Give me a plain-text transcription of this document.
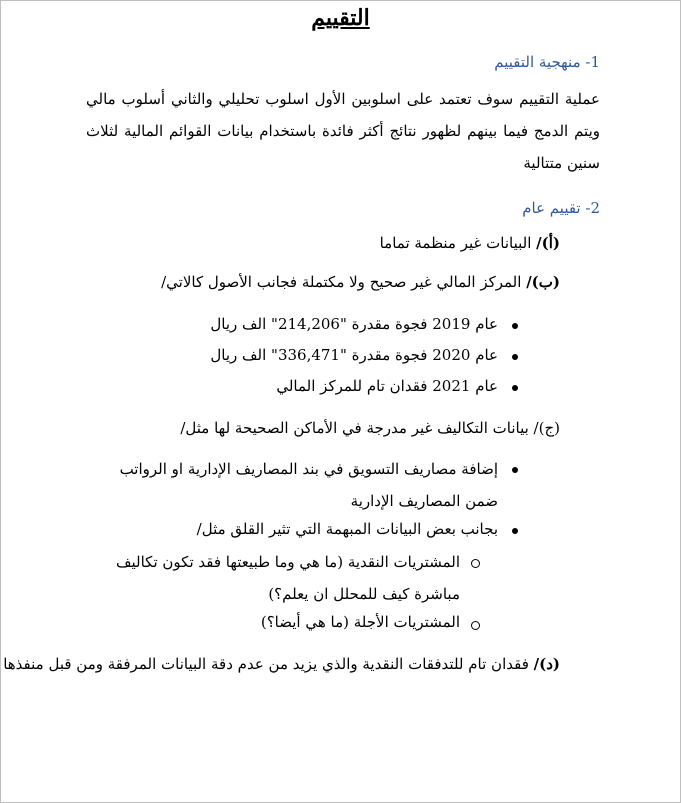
التقييم
1- منهجية التقييم
عملية التقييم سوف تعتمد على اسلوبين الأول اسلوب تحليلي والثاني أسلوب مالي ويتم الدمج فيما بينهم لظهور نتائج أكثر فائدة باستخدام بيانات القوائم المالية لثلاث سنين متتالية
2- تقييم عام
(أ)/ البيانات غير منظمة تماما
(ب)/ المركز المالي غير صحيح ولا مكتملة فجانب الأصول كالاتي/
عام 2019 فجوة مقدرة "214,206" الف ريال
عام 2020 فجوة مقدرة "336,471" الف ريال
عام 2021 فقدان تام للمركز المالي
(ج)/ بيانات التكاليف غير مدرجة في الأماكن الصحيحة لها مثل/
إضافة مصاريف التسويق في بند المصاريف الإدارية او الرواتب ضمن المصاريف الإدارية
بجانب بعض البيانات المبهمة التي تثير القلق مثل/
المشتريات النقدية (ما هي وما طبيعتها فقد تكون تكاليف مباشرة كيف للمحلل ان يعلم؟)
المشتريات الأجلة (ما هي أيضا؟)
(د)/ فقدان تام للتدفقات النقدية والذي يزيد من عدم دقة البيانات المرفقة ومن قبل منفذها
